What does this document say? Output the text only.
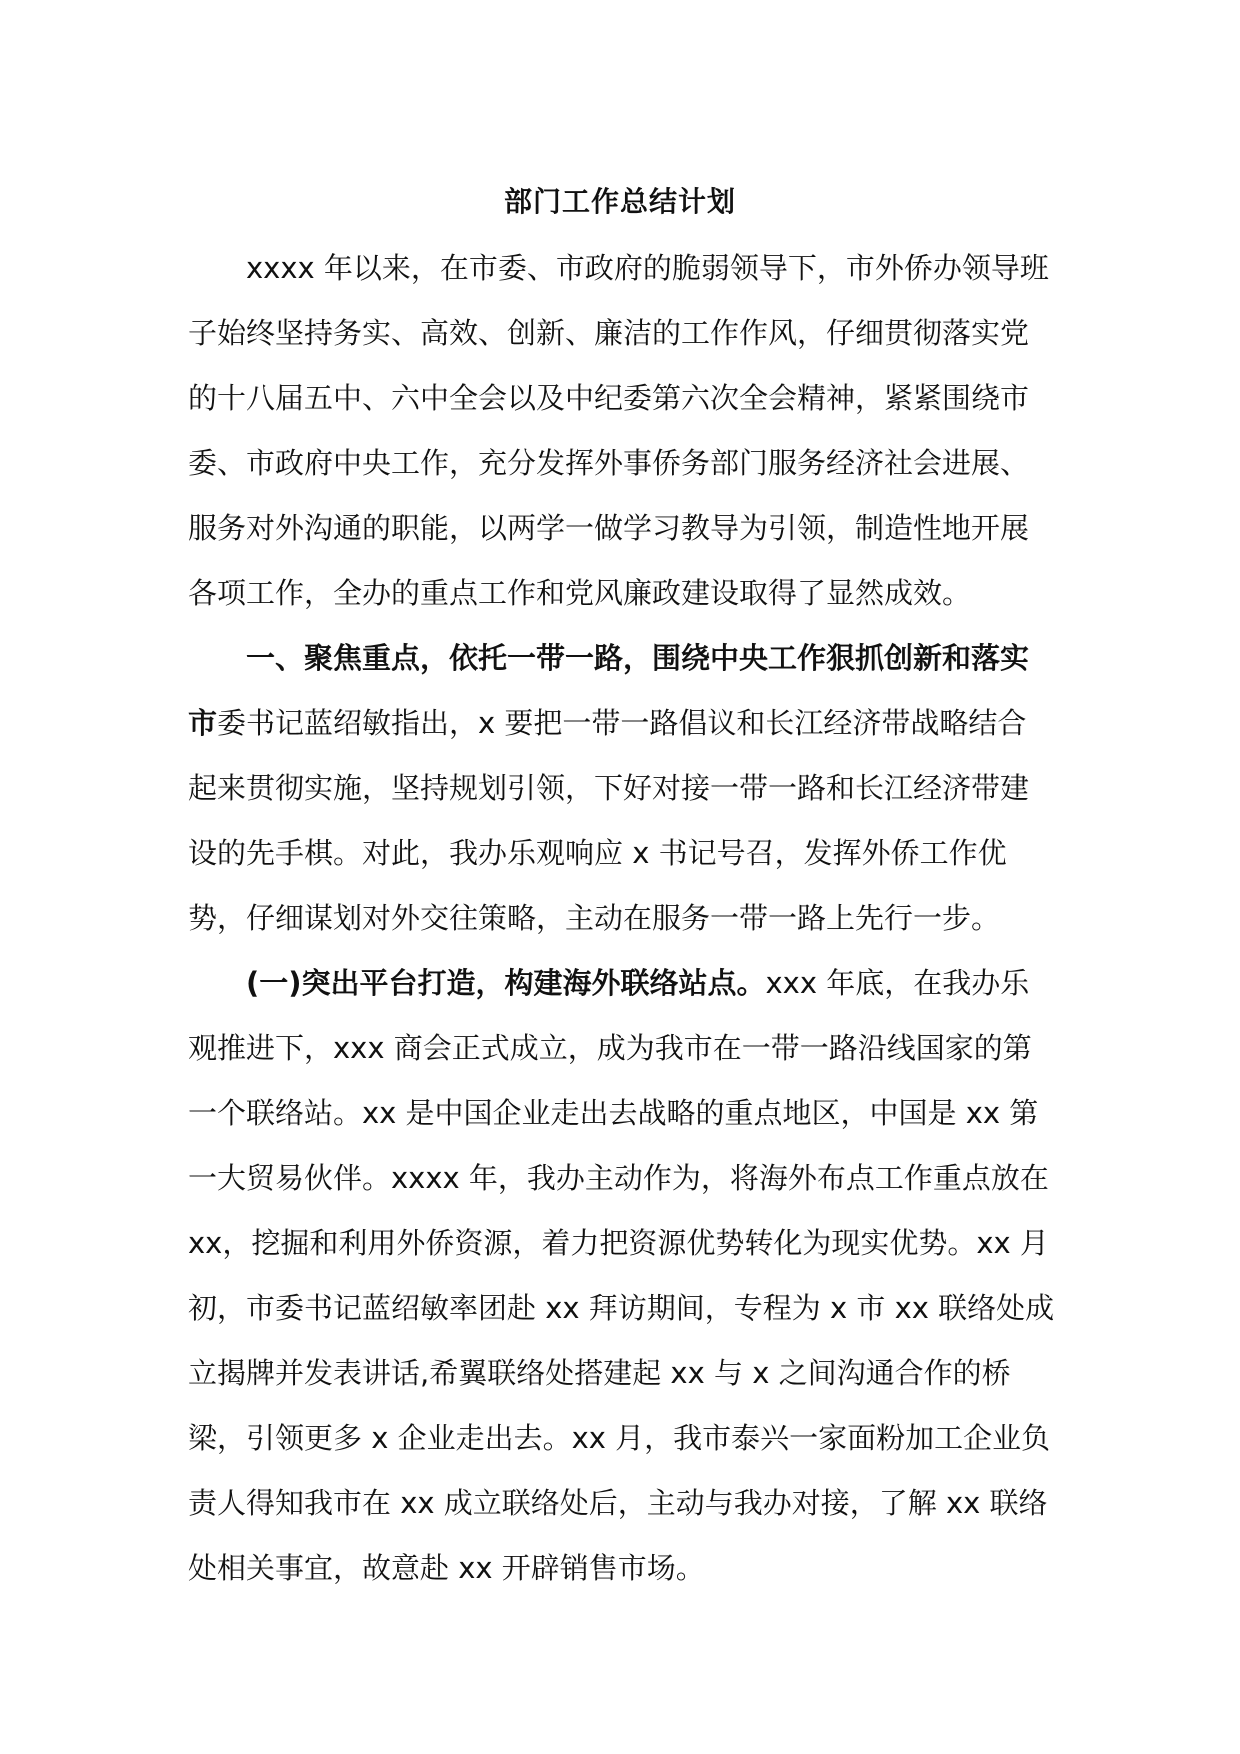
部门工作总结计划
xxxx 年以来，在市委、市政府的脆弱领导下，市外侨办领导班
子始终坚持务实、高效、创新、廉洁的工作作风，仔细贯彻落实党
的十八届五中、六中全会以及中纪委第六次全会精神，紧紧围绕市
委、市政府中央工作，充分发挥外事侨务部门服务经济社会进展、
服务对外沟通的职能，以两学一做学习教导为引领，制造性地开展
各项工作，全办的重点工作和党风廉政建设取得了显然成效。
一、聚焦重点，依托一带一路，围绕中央工作狠抓创新和落实
市委书记蓝绍敏指出，x 要把一带一路倡议和长江经济带战略结合
起来贯彻实施，坚持规划引领，下好对接一带一路和长江经济带建
设的先手棋。对此，我办乐观响应 x 书记号召，发挥外侨工作优
势，仔细谋划对外交往策略，主动在服务一带一路上先行一步。
(一)突出平台打造，构建海外联络站点。xxx 年底，在我办乐
观推进下，xxx 商会正式成立，成为我市在一带一路沿线国家的第
一个联络站。xx 是中国企业走出去战略的重点地区，中国是 xx 第
一大贸易伙伴。xxxx 年，我办主动作为，将海外布点工作重点放在
xx，挖掘和利用外侨资源，着力把资源优势转化为现实优势。xx 月
初，市委书记蓝绍敏率团赴 xx 拜访期间，专程为 x 市 xx 联络处成
立揭牌并发表讲话,希翼联络处搭建起 xx 与 x 之间沟通合作的桥
梁，引领更多 x 企业走出去。xx 月，我市泰兴一家面粉加工企业负
责人得知我市在 xx 成立联络处后，主动与我办对接，了解 xx 联络
处相关事宜，故意赴 xx 开辟销售市场。
